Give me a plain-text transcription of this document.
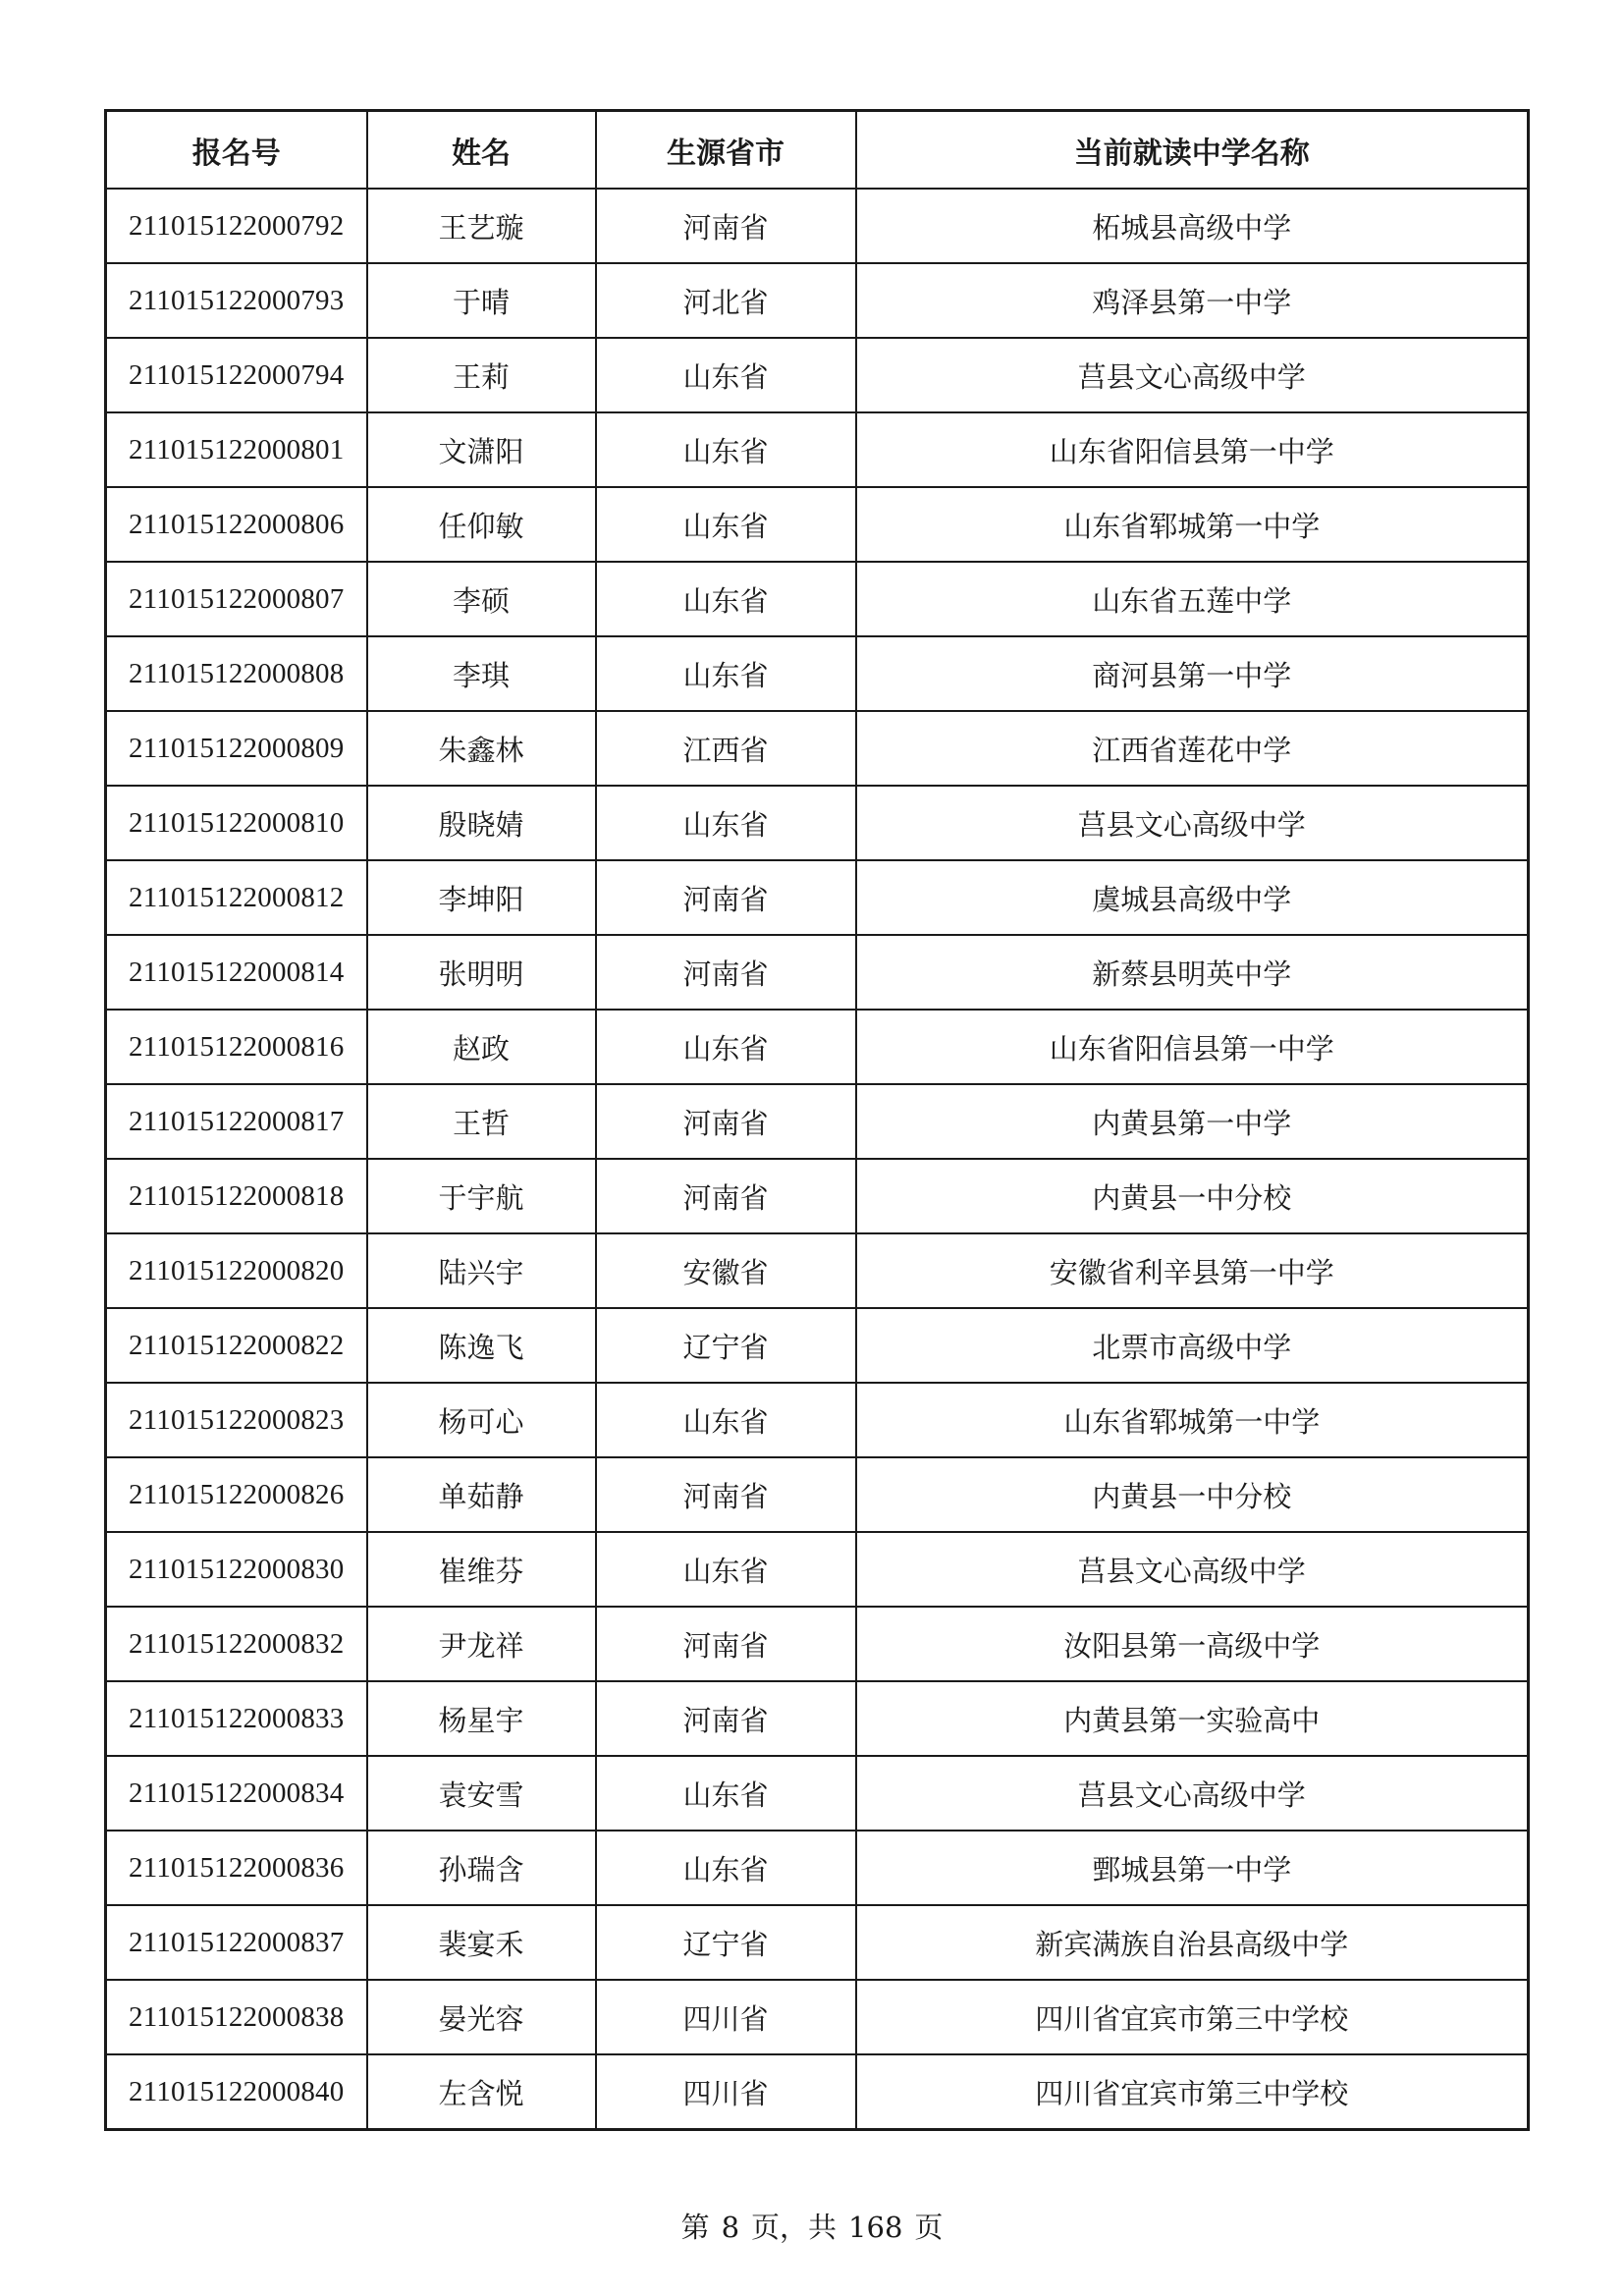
报名号	姓名	生源省市	当前就读中学名称
211015122000792	王艺璇	河南省	柘城县高级中学
211015122000793	于晴	河北省	鸡泽县第一中学
211015122000794	王莉	山东省	莒县文心高级中学
211015122000801	文潇阳	山东省	山东省阳信县第一中学
211015122000806	任仰敏	山东省	山东省郓城第一中学
211015122000807	李硕	山东省	山东省五莲中学
211015122000808	李琪	山东省	商河县第一中学
211015122000809	朱鑫林	江西省	江西省莲花中学
211015122000810	殷晓婧	山东省	莒县文心高级中学
211015122000812	李坤阳	河南省	虞城县高级中学
211015122000814	张明明	河南省	新蔡县明英中学
211015122000816	赵政	山东省	山东省阳信县第一中学
211015122000817	王哲	河南省	内黄县第一中学
211015122000818	于宇航	河南省	内黄县一中分校
211015122000820	陆兴宇	安徽省	安徽省利辛县第一中学
211015122000822	陈逸飞	辽宁省	北票市高级中学
211015122000823	杨可心	山东省	山东省郓城第一中学
211015122000826	单茹静	河南省	内黄县一中分校
211015122000830	崔维芬	山东省	莒县文心高级中学
211015122000832	尹龙祥	河南省	汝阳县第一高级中学
211015122000833	杨星宇	河南省	内黄县第一实验高中
211015122000834	袁安雪	山东省	莒县文心高级中学
211015122000836	孙瑞含	山东省	鄄城县第一中学
211015122000837	裴宴禾	辽宁省	新宾满族自治县高级中学
211015122000838	晏光容	四川省	四川省宜宾市第三中学校
211015122000840	左含悦	四川省	四川省宜宾市第三中学校
第 8 页，共 168 页
